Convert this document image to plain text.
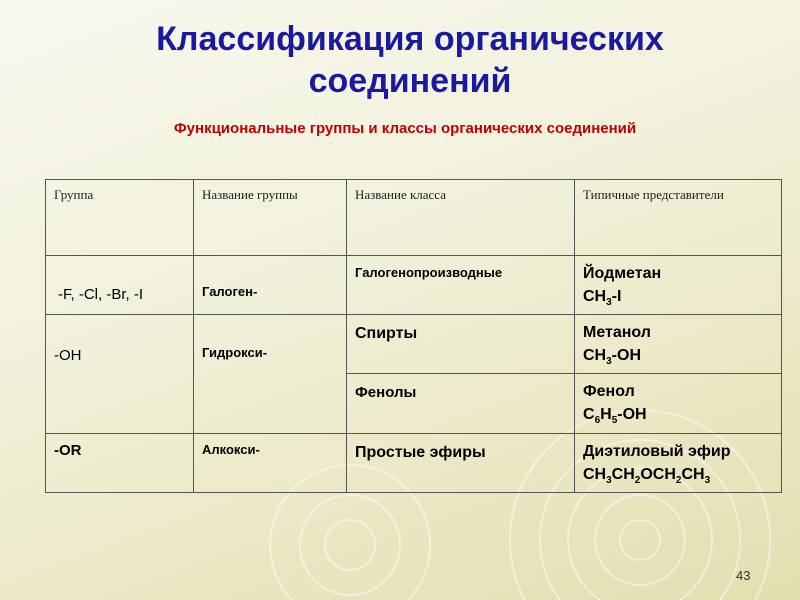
Классификация органических
соединений
Функциональные группы и классы органических соединений
Группа	Название группы	Название класса	Типичные представители
-F, -Cl, -Br, -I	Галоген-	Галогенопроизводные	Йодметан
$CH_3-I$

-OH	Гидрокси-	Спирты	Метанол
$CH_3-OH$

		Фенолы	Фенол
$C_6H_5-OH$

-OR	Алкокси-	Простые эфиры	Диэтиловый эфир
$CH_3CH_2OCH_2CH_3$
43
